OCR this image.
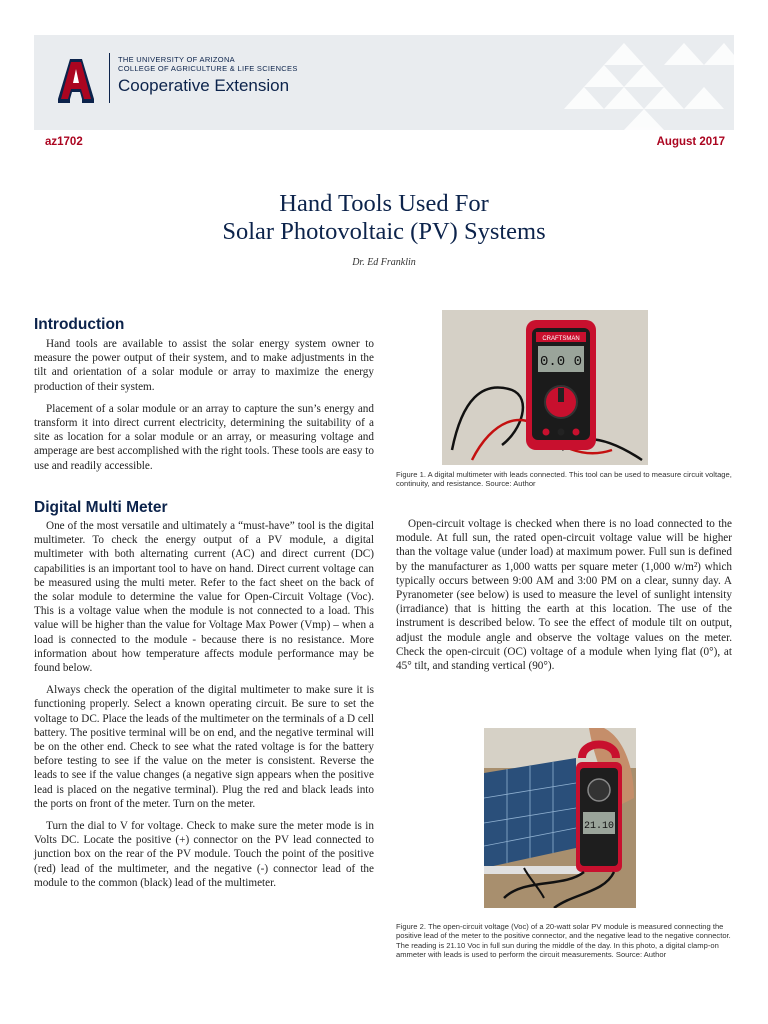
THE UNIVERSITY OF ARIZONA
COLLEGE OF AGRICULTURE & LIFE SCIENCES
Cooperative Extension
az1702	August 2017
Hand Tools Used For
Solar Photovoltaic (PV) Systems
Dr. Ed Franklin
Introduction

Hand tools are available to assist the solar energy system owner to measure the power output of their system, and to make adjustments in the tilt and orientation of a solar module or array to maximize the energy production of their system.

Placement of a solar module or an array to capture the sun’s energy and transform it into direct current electricity, determining the suitability of a site as location for a solar module or an array, or measuring voltage and amperage are best accomplished with the right tools. These tools are easy to use and readily accessible.

Digital Multi Meter

One of the most versatile and ultimately a “must-have” tool is the digital multimeter. To check the energy output of a PV module, a digital multimeter with both alternating current (AC) and direct current (DC) capabilities is an important tool to have on hand. Direct current voltage can be measured using the multi meter. Refer to the fact sheet on the back of the solar module to determine the value for Open-Circuit Voltage (Voc). This is a voltage value when the module is not connected to a load. This value will be higher than the value for Voltage Max Power (Vmp) – when a load is connected to the module - because there is no resistance. More information about how temperature affects module performance may be found below.

Always check the operation of the digital multimeter to make sure it is functioning properly. Select a known operating circuit. Be sure to set the voltage to DC. Place the leads of the multimeter on the terminals of a D cell battery. The positive terminal will be on end, and the negative terminal will be on the other end. Check to see what the rated voltage is for the battery before testing to see if the value on the meter is consistent. Reverse the leads to see if the value changes (a negative sign appears when the positive lead is placed on the negative terminal). Plug the red and black leads into the ports on front of the meter. Turn on the meter.

Turn the dial to V for voltage. Check to make sure the meter mode is in Volts DC. Locate the positive (+) connector on the PV lead connected to junction box on the rear of the PV module. Touch the point of the positive (red) lead of the multimeter, and the negative (-) connector lead of the module to the common (black) lead of the multimeter.

CRAFTSMAN
0.0 0
Figure 1. A digital multimeter with leads connected. This tool can be used to measure circuit voltage, continuity, and resistance. Source: Author

Open-circuit voltage is checked when there is no load connected to the module. At full sun, the rated open-circuit voltage value will be higher than the voltage value (under load) at maximum power. Full sun is defined by the manufacturer as 1,000 watts per square meter (1,000 w/m²) which typically occurs between 9:00 AM and 3:00 PM on a clear, sunny day. A Pyranometer (see below) is used to measure the level of sunlight intensity (irradiance) that is hitting the earth at this location. The use of the instrument is described below. To see the effect of module tilt on output, adjust the module angle and observe the voltage values on the meter. Check the open-circuit (OC) voltage of a module when lying flat (0°), at 45° tilt, and standing vertical (90°).

21.10
Figure 2. The open-circuit voltage (Voc) of a 20-watt solar PV module is measured connecting the positive lead of the meter to the positive connector, and the negative lead to the negative connector. The reading is 21.10 Voc in full sun during the middle of the day. In this photo, a digital clamp-on ammeter with leads is used to perform the circuit measurements. Source: Author
